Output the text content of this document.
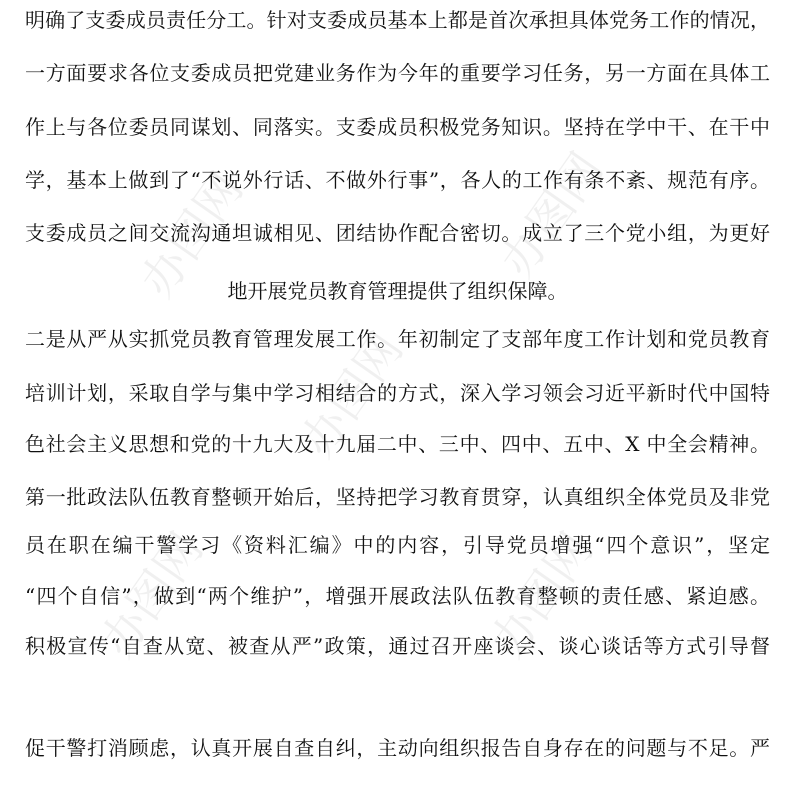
办图网	办图网
办图网
办图网	办图网
明确了支委成员责任分工。针对支委成员基本上都是首次承担具体党务工作的情况，
一方面要求各位支委成员把党建业务作为今年的重要学习任务，另一方面在具体工
作上与各位委员同谋划、同落实。支委成员积极党务知识。坚持在学中干、在干中
学，基本上做到了“不说外行话、不做外行事”，各人的工作有条不紊、规范有序。
支委成员之间交流沟通坦诚相见、团结协作配合密切。成立了三个党小组，为更好
地开展党员教育管理提供了组织保障。
二是从严从实抓党员教育管理发展工作。年初制定了支部年度工作计划和党员教育
培训计划，采取自学与集中学习相结合的方式，深入学习领会习近平新时代中国特
色社会主义思想和党的十九大及十九届二中、三中、四中、五中、X 中全会精神。
第一批政法队伍教育整顿开始后，坚持把学习教育贯穿，认真组织全体党员及非党
员在职在编干警学习《资料汇编》中的内容，引导党员增强“四个意识”，坚定
“四个自信”，做到“两个维护”，增强开展政法队伍教育整顿的责任感、紧迫感。
积极宣传“自查从宽、被查从严”政策，通过召开座谈会、谈心谈话等方式引导督
促干警打消顾虑，认真开展自查自纠，主动向组织报告自身存在的问题与不足。严
